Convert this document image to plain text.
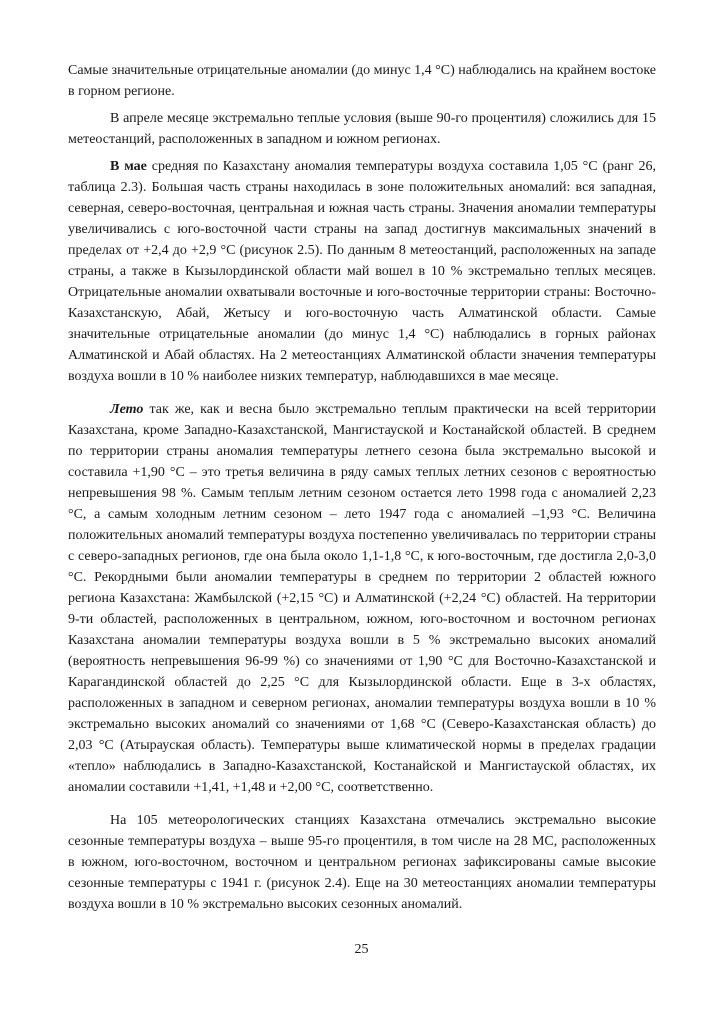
Самые значительные отрицательные аномалии (до минус 1,4 °С) наблюдались на крайнем востоке в горном регионе.

В апреле месяце экстремально теплые условия (выше 90-го процентиля) сложились для 15 метеостанций, расположенных в западном и южном регионах.

В мае средняя по Казахстану аномалия температуры воздуха составила 1,05 °С (ранг 26, таблица 2.3). Большая часть страны находилась в зоне положительных аномалий: вся западная, северная, северо-восточная, центральная и южная часть страны. Значения аномалии температуры увеличивались с юго-восточной части страны на запад достигнув максимальных значений в пределах от +2,4 до +2,9 °С (рисунок 2.5). По данным 8 метеостанций, расположенных на западе страны, а также в Кызылординской области май вошел в 10 % экстремально теплых месяцев. Отрицательные аномалии охватывали восточные и юго-восточные территории страны: Восточно-Казахстанскую, Абай, Жетысу и юго-восточную часть Алматинской области. Самые значительные отрицательные аномалии (до минус 1,4 °С) наблюдались в горных районах Алматинской и Абай областях. На 2 метеостанциях Алматинской области значения температуры воздуха вошли в 10 % наиболее низких температур, наблюдавшихся в мае месяце.

Лето так же, как и весна было экстремально теплым практически на всей территории Казахстана, кроме Западно-Казахстанской, Мангистауской и Костанайской областей. В среднем по территории страны аномалия температуры летнего сезона была экстремально высокой и составила +1,90 °С – это третья величина в ряду самых теплых летних сезонов с вероятностью непревышения 98 %. Самым теплым летним сезоном остается лето 1998 года с аномалией 2,23 °С, а самым холодным летним сезоном – лето 1947 года с аномалией –1,93 °С. Величина положительных аномалий температуры воздуха постепенно увеличивалась по территории страны с северо-западных регионов, где она была около 1,1-1,8 °С, к юго-восточным, где достигла 2,0-3,0 °С. Рекордными были аномалии температуры в среднем по территории 2 областей южного региона Казахстана: Жамбылской (+2,15 °С) и Алматинской (+2,24 °С) областей. На территории 9-ти областей, расположенных в центральном, южном, юго-восточном и восточном регионах Казахстана аномалии температуры воздуха вошли в 5 % экстремально высоких аномалий (вероятность непревышения 96-99 %) со значениями от 1,90 °С для Восточно-Казахстанской и Карагандинской областей до 2,25 °С для Кызылординской области. Еще в 3-х областях, расположенных в западном и северном регионах, аномалии температуры воздуха вошли в 10 % экстремально высоких аномалий со значениями от 1,68 °С (Северо-Казахстанская область) до 2,03 °С (Атырауская область). Температуры выше климатической нормы в пределах градации «тепло» наблюдались в Западно-Казахстанской, Костанайской и Мангистауской областях, их аномалии составили +1,41, +1,48 и +2,00 °С, соответственно.

На 105 метеорологических станциях Казахстана отмечались экстремально высокие сезонные температуры воздуха – выше 95-го процентиля, в том числе на 28 МС, расположенных в южном, юго-восточном, восточном и центральном регионах зафиксированы самые высокие сезонные температуры с 1941 г. (рисунок 2.4). Еще на 30 метеостанциях аномалии температуры воздуха вошли в 10 % экстремально высоких сезонных аномалий.

25
